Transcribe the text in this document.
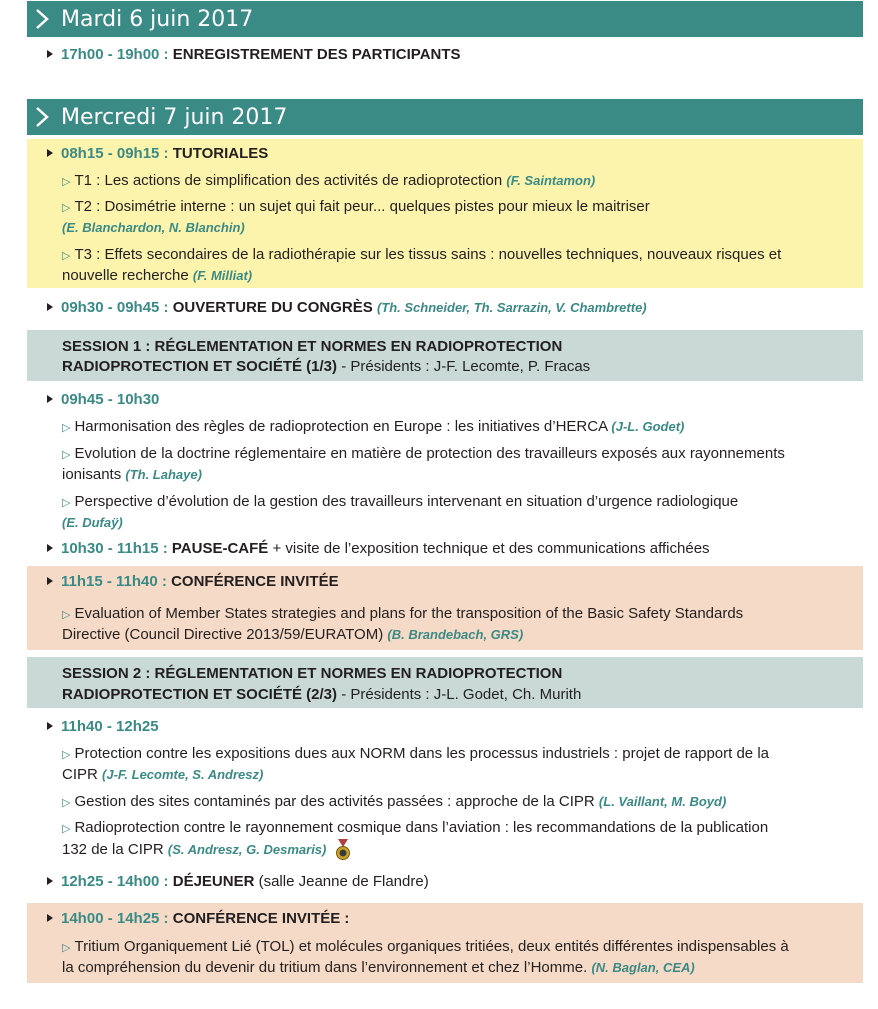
Mardi 6 juin 2017
17h00 - 19h00 : ENREGISTREMENT DES PARTICIPANTS
Mercredi 7 juin 2017
08h15 - 09h15 : TUTORIALES
▷ T1 : Les actions de simplification des activités de radioprotection (F. Saintamon)
▷ T2 : Dosimétrie interne : un sujet qui fait peur... quelques pistes pour mieux le maitriser
(E. Blanchardon, N. Blanchin)
▷ T3 : Effets secondaires de la radiothérapie sur les tissus sains : nouvelles techniques, nouveaux risques et
nouvelle recherche (F. Milliat)
09h30 - 09h45 : OUVERTURE DU CONGRÈS (Th. Schneider, Th. Sarrazin, V. Chambrette)
SESSION 1 : RÉGLEMENTATION ET NORMES EN RADIOPROTECTION
RADIOPROTECTION ET SOCIÉTÉ (1/3) - Présidents : J-F. Lecomte, P. Fracas
09h45 - 10h30
▷ Harmonisation des règles de radioprotection en Europe : les initiatives d’HERCA (J-L. Godet)
▷ Evolution de la doctrine réglementaire en matière de protection des travailleurs exposés aux rayonnements
ionisants (Th. Lahaye)
▷ Perspective d’évolution de la gestion des travailleurs intervenant en situation d’urgence radiologique
(E. Dufaÿ)
10h30 - 11h15 : PAUSE-CAFÉ + visite de l’exposition technique et des communications affichées
11h15 - 11h40 : CONFÉRENCE INVITÉE
▷ Evaluation of Member States strategies and plans for the transposition of the Basic Safety Standards
Directive (Council Directive 2013/59/EURATOM) (B. Brandebach, GRS)
SESSION 2 : RÉGLEMENTATION ET NORMES EN RADIOPROTECTION
RADIOPROTECTION ET SOCIÉTÉ (2/3) - Présidents : J-L. Godet, Ch. Murith
11h40 - 12h25
▷ Protection contre les expositions dues aux NORM dans les processus industriels : projet de rapport de la
CIPR (J-F. Lecomte, S. Andresz)
▷ Gestion des sites contaminés par des activités passées : approche de la CIPR (L. Vaillant, M. Boyd)
▷ Radioprotection contre le rayonnement cosmique dans l’aviation : les recommandations de la publication
132 de la CIPR (S. Andresz, G. Desmaris)
12h25 - 14h00 : DÉJEUNER (salle Jeanne de Flandre)
14h00 - 14h25 : CONFÉRENCE INVITÉE :
▷ Tritium Organiquement Lié (TOL) et molécules organiques tritiées, deux entités différentes indispensables à
la compréhension du devenir du tritium dans l’environnement et chez l’Homme. (N. Baglan, CEA)
